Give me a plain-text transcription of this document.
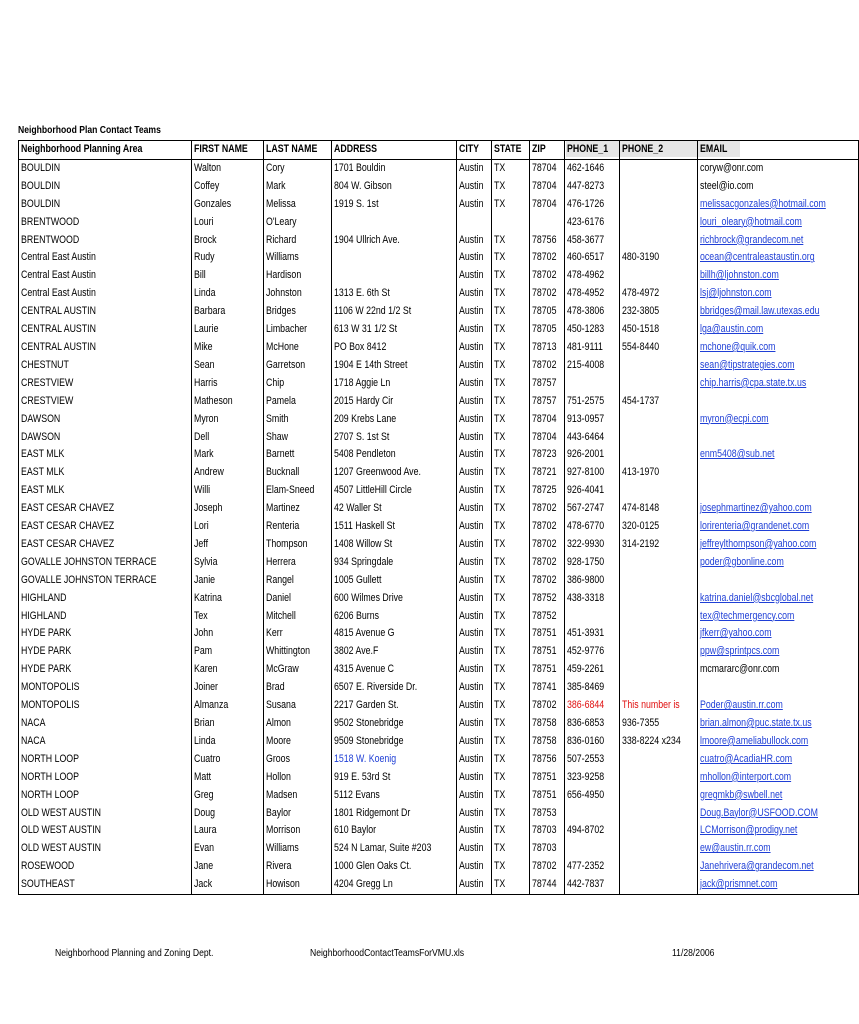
Neighborhood Plan Contact Teams
Neighborhood Planning Area	FIRST NAME	LAST NAME	ADDRESS	CITY	STATE	ZIP	PHONE_1	PHONE_2	EMAIL
BOULDIN	Walton	Cory	1701 Bouldin	Austin	TX	78704	462-1646		coryw@onr.com
BOULDIN	Coffey	Mark	804 W. Gibson	Austin	TX	78704	447-8273		steel@io.com
BOULDIN	Gonzales	Melissa	1919 S. 1st	Austin	TX	78704	476-1726		melissacgonzales@hotmail.com
BRENTWOOD	Louri	O'Leary					423-6176		louri_oleary@hotmail.com
BRENTWOOD	Brock	Richard	1904 Ullrich Ave.	Austin	TX	78756	458-3677		richbrock@grandecom.net
Central East Austin	Rudy	Williams		Austin	TX	78702	460-6517	480-3190	ocean@centraleastaustin.org
Central East Austin	Bill	Hardison		Austin	TX	78702	478-4962		billh@ljohnston.com
Central East Austin	Linda	Johnston	1313 E. 6th St	Austin	TX	78702	478-4952	478-4972	lsj@ljohnston.com
CENTRAL AUSTIN	Barbara	Bridges	1106 W 22nd 1/2 St	Austin	TX	78705	478-3806	232-3805	bbridges@mail.law.utexas.edu
CENTRAL AUSTIN	Laurie	Limbacher	613 W 31 1/2 St	Austin	TX	78705	450-1283	450-1518	lga@austin.com
CENTRAL AUSTIN	Mike	McHone	PO Box 8412	Austin	TX	78713	481-9111	554-8440	mchone@quik.com
CHESTNUT	Sean	Garretson	1904 E 14th Street	Austin	TX	78702	215-4008		sean@tipstrategies.com
CRESTVIEW	Harris	Chip	1718 Aggie Ln	Austin	TX	78757			chip.harris@cpa.state.tx.us
CRESTVIEW	Matheson	Pamela	2015 Hardy Cir	Austin	TX	78757	751-2575	454-1737	
DAWSON	Myron	Smith	209 Krebs Lane	Austin	TX	78704	913-0957		myron@ecpi.com
DAWSON	Dell	Shaw	2707 S. 1st St	Austin	TX	78704	443-6464		
EAST MLK	Mark	Barnett	5408 Pendleton	Austin	TX	78723	926-2001		enm5408@sub.net
EAST MLK	Andrew	Bucknall	1207 Greenwood Ave.	Austin	TX	78721	927-8100	413-1970	
EAST MLK	Willi	Elam-Sneed	4507 LittleHill Circle	Austin	TX	78725	926-4041		
EAST CESAR CHAVEZ	Joseph	Martinez	42 Waller St	Austin	TX	78702	567-2747	474-8148	josephmartinez@yahoo.com
EAST CESAR CHAVEZ	Lori	Renteria	1511 Haskell St	Austin	TX	78702	478-6770	320-0125	lorirenteria@grandenet.com
EAST CESAR CHAVEZ	Jeff	Thompson	1408 Willow St	Austin	TX	78702	322-9930	314-2192	jeffreylthompson@yahoo.com
GOVALLE JOHNSTON TERRACE	Sylvia	Herrera	934 Springdale	Austin	TX	78702	928-1750		poder@gbonline.com
GOVALLE JOHNSTON TERRACE	Janie	Rangel	1005 Gullett	Austin	TX	78702	386-9800		
HIGHLAND	Katrina	Daniel	600 Wilmes Drive	Austin	TX	78752	438-3318		katrina.daniel@sbcglobal.net
HIGHLAND	Tex	Mitchell	6206 Burns	Austin	TX	78752			tex@techmergency.com
HYDE PARK	John	Kerr	4815 Avenue G	Austin	TX	78751	451-3931		jfkerr@yahoo.com
HYDE PARK	Pam	Whittington	3802 Ave.F	Austin	TX	78751	452-9776		ppw@sprintpcs.com
HYDE PARK	Karen	McGraw	4315 Avenue C	Austin	TX	78751	459-2261		mcmararc@onr.com
MONTOPOLIS	Joiner	Brad	6507 E. Riverside Dr.	Austin	TX	78741	385-8469		
MONTOPOLIS	Almanza	Susana	2217 Garden St.	Austin	TX	78702	386-6844	This number is	Poder@austin.rr.com
NACA	Brian	Almon	9502 Stonebridge	Austin	TX	78758	836-6853	936-7355	brian.almon@puc.state.tx.us
NACA	Linda	Moore	9509 Stonebridge	Austin	TX	78758	836-0160	338-8224 x234	lmoore@ameliabullock.com
NORTH LOOP	Cuatro	Groos	1518 W. Koenig	Austin	TX	78756	507-2553		cuatro@AcadiaHR.com
NORTH LOOP	Matt	Hollon	919 E. 53rd St	Austin	TX	78751	323-9258		mhollon@interport.com
NORTH LOOP	Greg	Madsen	5112 Evans	Austin	TX	78751	656-4950		gregmkb@swbell.net
OLD WEST AUSTIN	Doug	Baylor	1801 Ridgemont Dr	Austin	TX	78753			Doug.Baylor@USFOOD.COM
OLD WEST AUSTIN	Laura	Morrison	610 Baylor	Austin	TX	78703	494-8702		LCMorrison@prodigy.net
OLD WEST AUSTIN	Evan	Williams	524 N Lamar, Suite #203	Austin	TX	78703			ew@austin.rr.com
ROSEWOOD	Jane	Rivera	1000 Glen Oaks Ct.	Austin	TX	78702	477-2352		Janehrivera@grandecom.net
SOUTHEAST	Jack	Howison	4204 Gregg Ln	Austin	TX	78744	442-7837		jack@prismnet.com
Neighborhood Planning and Zoning Dept.	NeighborhoodContactTeamsForVMU.xls	11/28/2006
